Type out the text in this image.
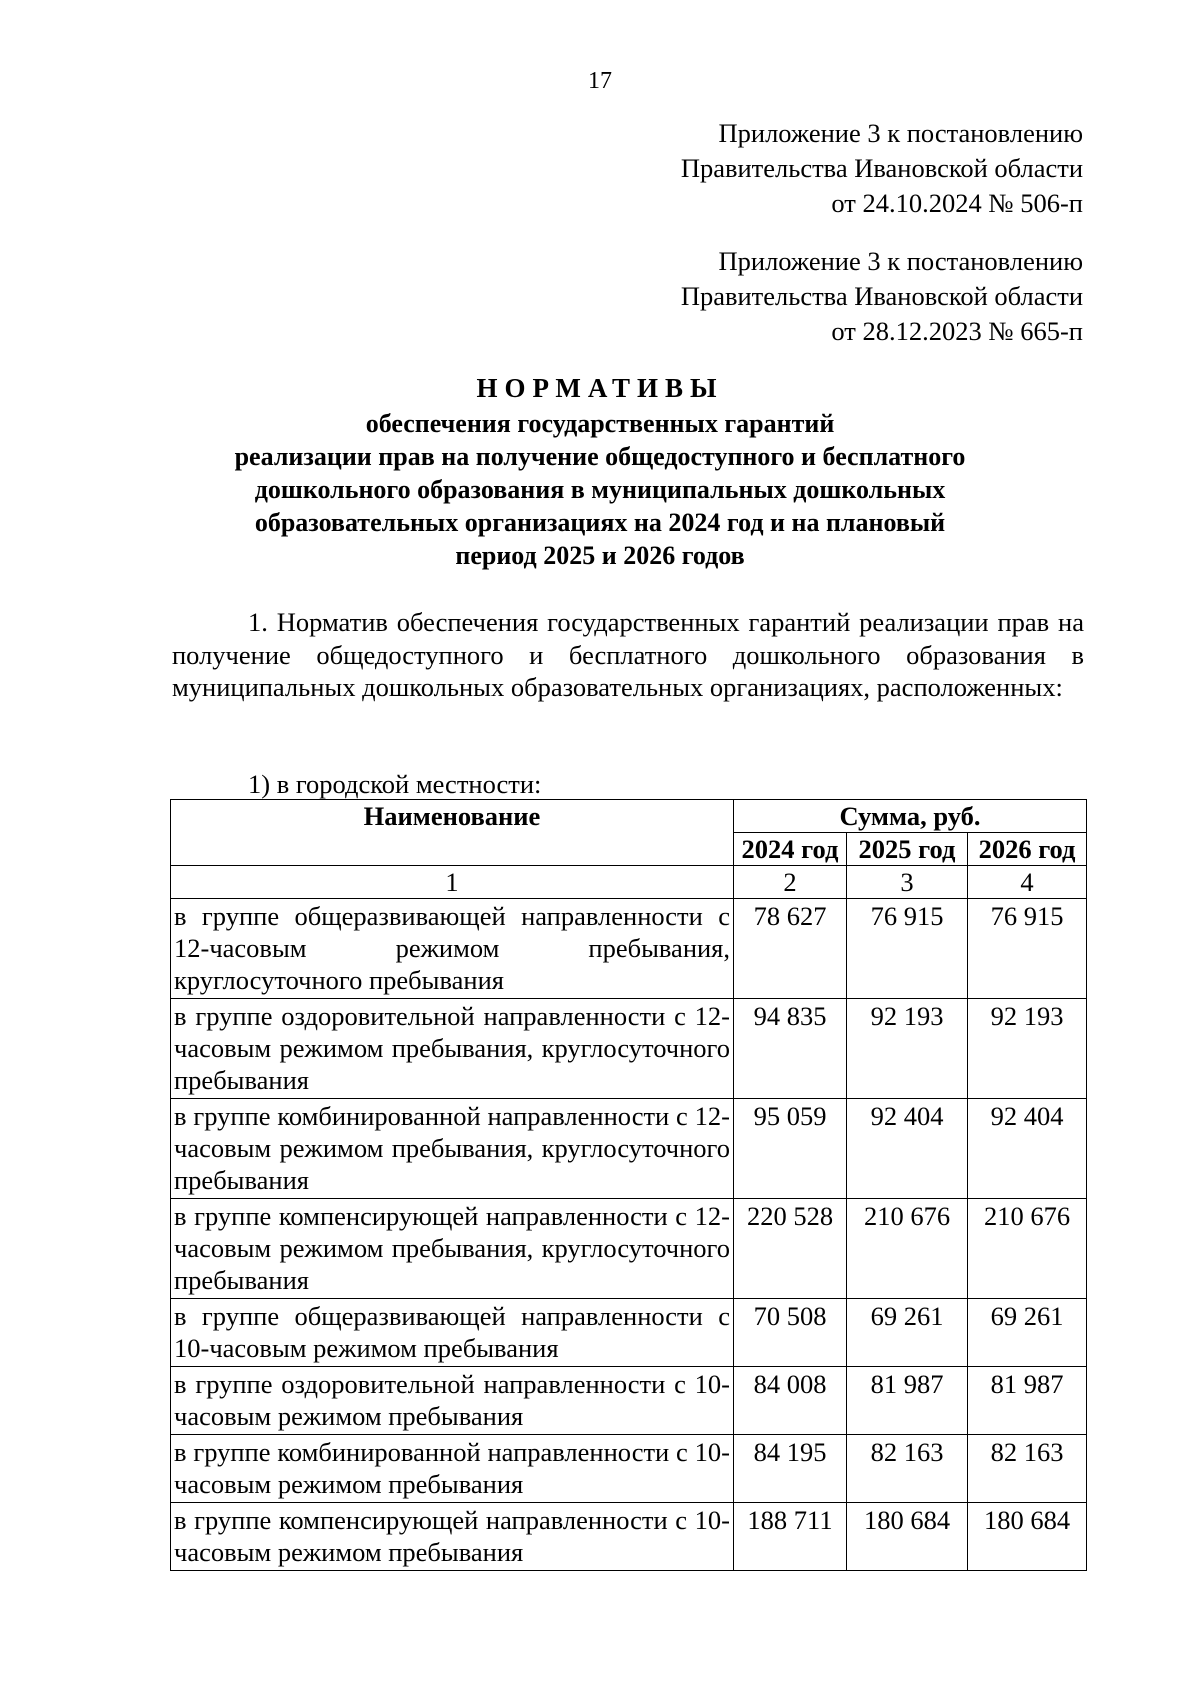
17
Приложение 3 к постановлению
Правительства Ивановской области
от 24.10.2024 № 506-п
Приложение 3 к постановлению
Правительства Ивановской области
от 28.12.2023 № 665-п
НОРМАТИВЫ
обеспечения государственных гарантий
реализации прав на получение общедоступного и бесплатного
дошкольного образования в муниципальных дошкольных
образовательных организациях на 2024 год и на плановый
период 2025 и 2026 годов
1. Норматив обеспечения государственных гарантий реализации прав на получение общедоступного и бесплатного дошкольного образования в муниципальных дошкольных образовательных организациях, расположенных:
1) в городской местности:
Наименование	Сумма, руб.		
	2024 год	2025 год	2026 год
1	2	3	4
в группе общеразвивающей направленности с 12-часовым режимом пребывания, круглосуточного пребывания	78 627	76 915	76 915
в группе оздоровительной направленности с 12-часовым режимом пребывания, круглосуточного пребывания	94 835	92 193	92 193
в группе комбинированной направленности с 12-часовым режимом пребывания, круглосуточного пребывания	95 059	92 404	92 404
в группе компенсирующей направленности с 12-часовым режимом пребывания, круглосуточного пребывания	220 528	210 676	210 676
в группе общеразвивающей направленности с 10-часовым режимом пребывания	70 508	69 261	69 261
в группе оздоровительной направленности с 10-часовым режимом пребывания	84 008	81 987	81 987
в группе комбинированной направленности с 10-часовым режимом пребывания	84 195	82 163	82 163
в группе компенсирующей направленности с 10-часовым режимом пребывания	188 711	180 684	180 684
